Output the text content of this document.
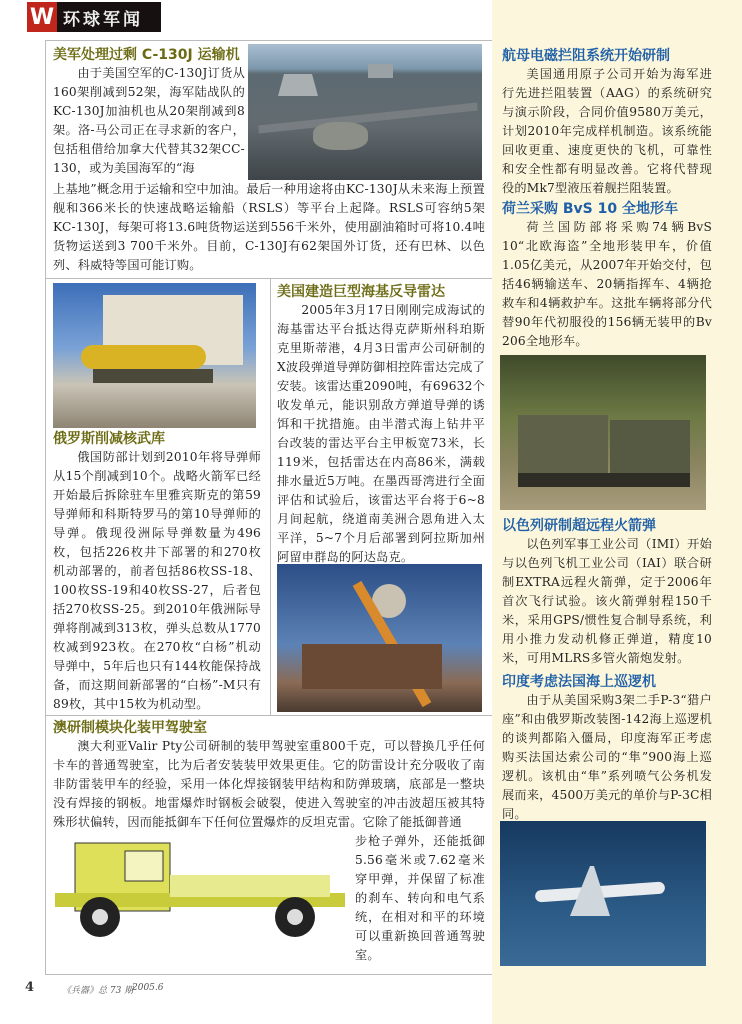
W 环球军闻
美军处理过剩 C-130J 运输机
由于美国空军的C-130J订货从160架削减到52架，海军陆战队的KC-130J加油机也从20架削减到8架。洛-马公司正在寻求新的客户，包括租借给加拿大代替其32架CC-130，或为美国海军的“海
上基地”概念用于运输和空中加油。最后一种用途将由KC-130J从未来海上预置舰和366米长的快速战略运输船（RSLS）等平台上起降。RSLS可容纳5架KC-130J，每架可将13.6吨货物运送到556千米外，使用副油箱时可将10.4吨货物运送到3 700千米外。目前，C-130J有62架国外订货，还有巴林、以色列、科威特等国可能订购。
俄罗斯削减核武库
俄国防部计划到2010年将导弹师从15个削减到10个。战略火箭军已经开始最后拆除驻车里雅宾斯克的第59导弹师和科斯特罗马的第10导弹师的导弹。俄现役洲际导弹数量为496枚，包括226枚井下部署的和270枚机动部署的，前者包括86枚SS-18、100枚SS-19和40枚SS-27，后者包括270枚SS-25。到2010年俄洲际导弹将削减到313枚，弹头总数从1770枚减到923枚。在270枚“白杨”机动导弹中，5年后也只有144枚能保持战备，而这期间新部署的“白杨”-M只有89枚，其中15枚为机动型。
美国建造巨型海基反导雷达
2005年3月17日刚刚完成海试的海基雷达平台抵达得克萨斯州科珀斯克里斯蒂港，4月3日雷声公司研制的X波段弹道导弹防御相控阵雷达完成了安装。该雷达重2090吨，有69632个收发单元，能识别敌方弹道导弹的诱饵和干扰措施。由半潜式海上钻井平台改装的雷达平台主甲板宽73米，长119米，包括雷达在内高86米，满载排水量近5万吨。在墨西哥湾进行全面评估和试验后，该雷达平台将于6~8月间起航，绕道南美洲合恩角进入太平洋，5~7个月后部署到阿拉斯加州阿留申群岛的阿达岛克。
澳研制模块化装甲驾驶室
澳大利亚Valir Pty公司研制的装甲驾驶室重800千克，可以替换几乎任何卡车的普通驾驶室，比为后者安装装甲效果更佳。它的防雷设计充分吸收了南非防雷装甲车的经验，采用一体化焊接钢装甲结构和防弹玻璃，底部是一整块没有焊接的钢板。地雷爆炸时钢板会破裂，使进入驾驶室的冲击波超压被其特殊形状偏转，因而能抵御车下任何位置爆炸的反坦克雷。它除了能抵御普通
步枪子弹外，还能抵御5.56毫米或7.62毫米穿甲弹，并保留了标准的刹车、转向和电气系统，在相对和平的环境可以重新换回普通驾驶室。
航母电磁拦阻系统开始研制
美国通用原子公司开始为海军进行先进拦阻装置（AAG）的系统研究与演示阶段，合同价值9580万美元，计划2010年完成样机制造。该系统能回收更重、速度更快的飞机，可靠性和安全性都有明显改善。它将代替现役的Mk7型液压着舰拦阻装置。
荷兰采购 BvS 10 全地形车
荷兰国防部将采购74辆BvS 10“北欧海盗”全地形装甲车，价值1.05亿美元，从2007年开始交付，包括46辆输送车、20辆指挥车、4辆抢救车和4辆救护车。这批车辆将部分代替90年代初服役的156辆无装甲的Bv 206全地形车。
以色列研制超远程火箭弹
以色列军事工业公司（IMI）开始与以色列飞机工业公司（IAI）联合研制EXTRA远程火箭弹，定于2006年首次飞行试验。该火箭弹射程150千米，采用GPS/惯性复合制导系统，利用小推力发动机修正弹道，精度10米，可用MLRS多管火箭炮发射。
印度考虑法国海上巡逻机
由于从美国采购3架二手P-3“猎户座”和由俄罗斯改装图-142海上巡逻机的谈判都陷入僵局，印度海军正考虑购买法国达索公司的“隼”900海上巡逻机。该机由“隼”系列喷气公务机发展而来，4500万美元的单价与P-3C相同。
4	《兵器》总 73 期
2005.6
